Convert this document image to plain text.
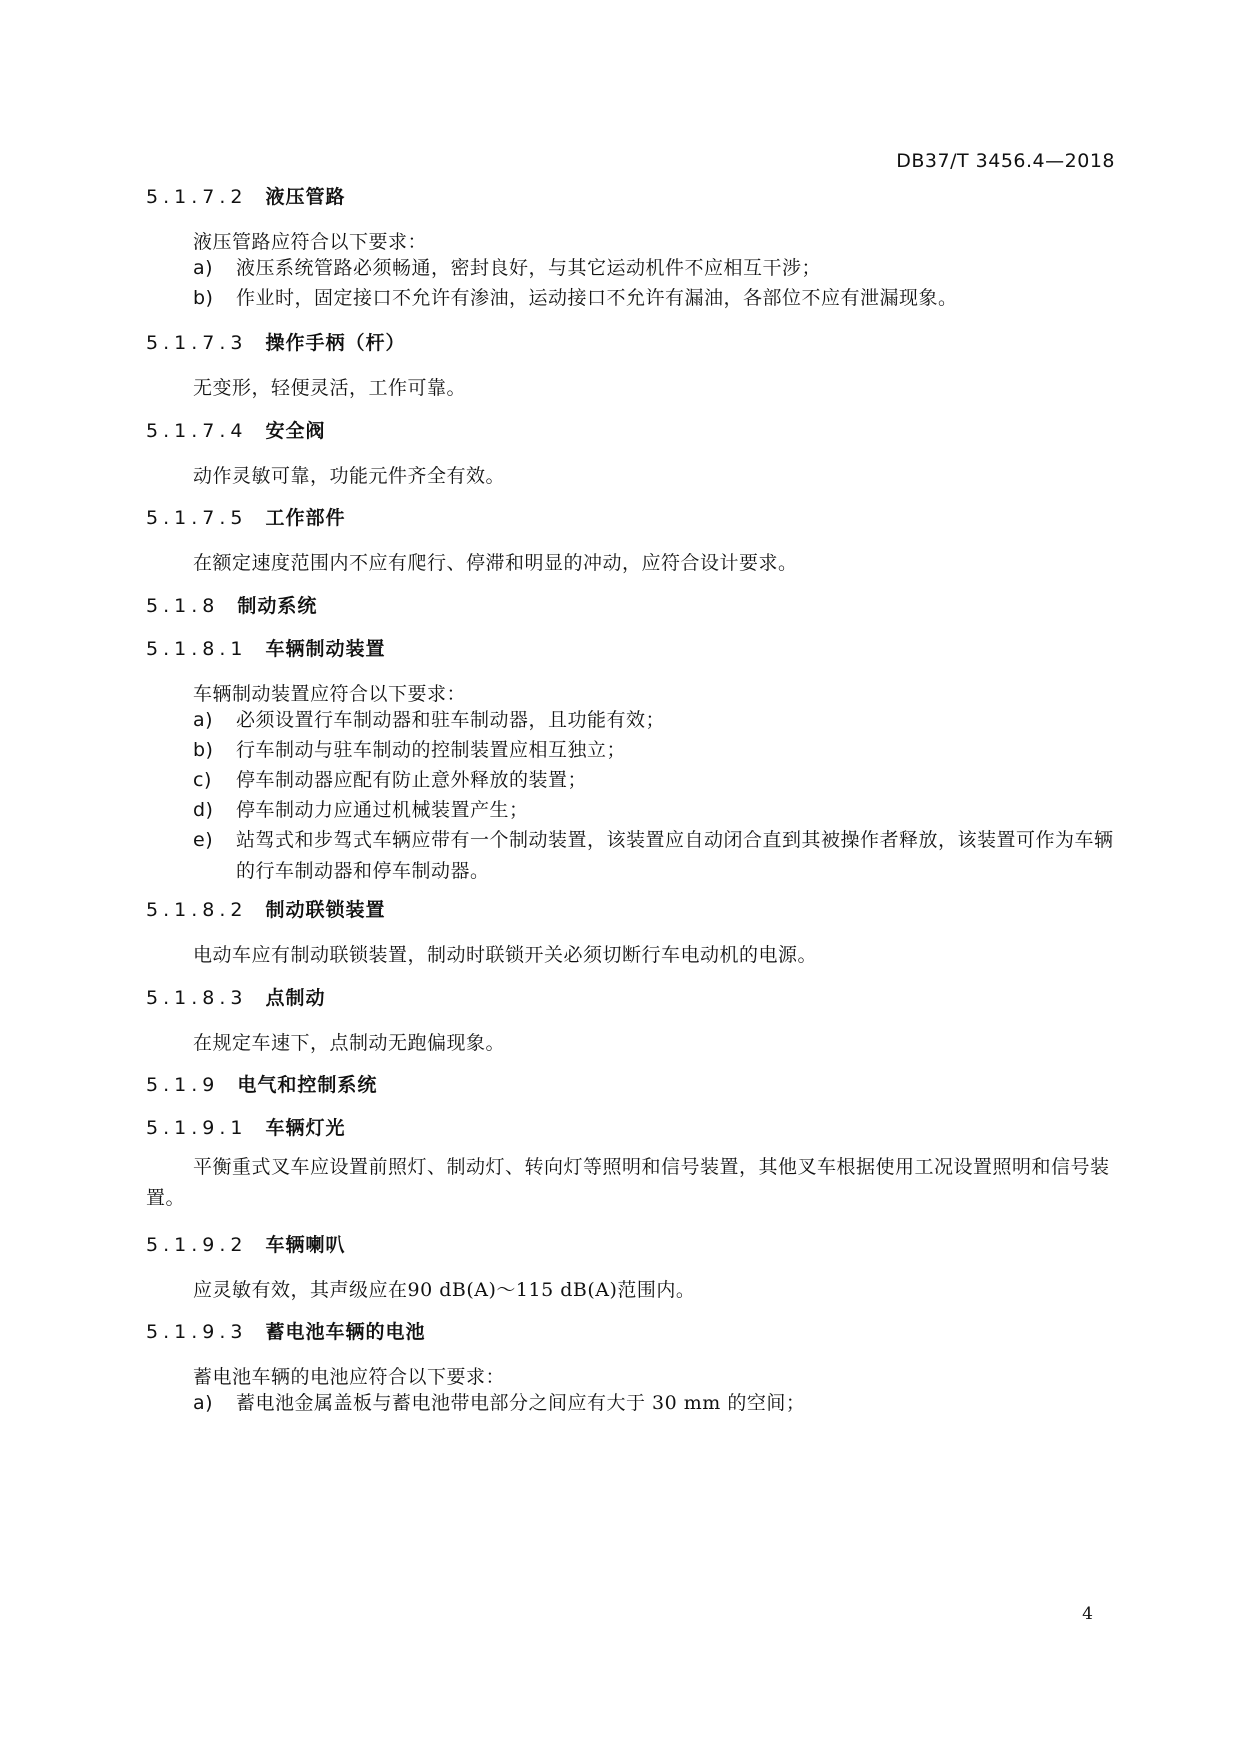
DB37/T 3456.4—2018
5.1.7.2 液压管路
液压管路应符合以下要求：
a) 液压系统管路必须畅通，密封良好，与其它运动机件不应相互干涉；
b) 作业时，固定接口不允许有渗油，运动接口不允许有漏油，各部位不应有泄漏现象。
5.1.7.3 操作手柄（杆）
无变形，轻便灵活，工作可靠。
5.1.7.4 安全阀
动作灵敏可靠，功能元件齐全有效。
5.1.7.5 工作部件
在额定速度范围内不应有爬行、停滞和明显的冲动，应符合设计要求。
5.1.8 制动系统
5.1.8.1 车辆制动装置
车辆制动装置应符合以下要求：
a) 必须设置行车制动器和驻车制动器，且功能有效；
b) 行车制动与驻车制动的控制装置应相互独立；
c) 停车制动器应配有防止意外释放的装置；
d) 停车制动力应通过机械装置产生；
e) 站驾式和步驾式车辆应带有一个制动装置，该装置应自动闭合直到其被操作者释放，该装置可作为车辆的行车制动器和停车制动器。
5.1.8.2 制动联锁装置
电动车应有制动联锁装置，制动时联锁开关必须切断行车电动机的电源。
5.1.8.3 点制动
在规定车速下，点制动无跑偏现象。
5.1.9 电气和控制系统
5.1.9.1 车辆灯光
平衡重式叉车应设置前照灯、制动灯、转向灯等照明和信号装置，其他叉车根据使用工况设置照明和信号装置。
5.1.9.2 车辆喇叭
应灵敏有效，其声级应在90 dB(A)～115 dB(A)范围内。
5.1.9.3 蓄电池车辆的电池
蓄电池车辆的电池应符合以下要求：
a) 蓄电池金属盖板与蓄电池带电部分之间应有大于 30 mm 的空间；
4
